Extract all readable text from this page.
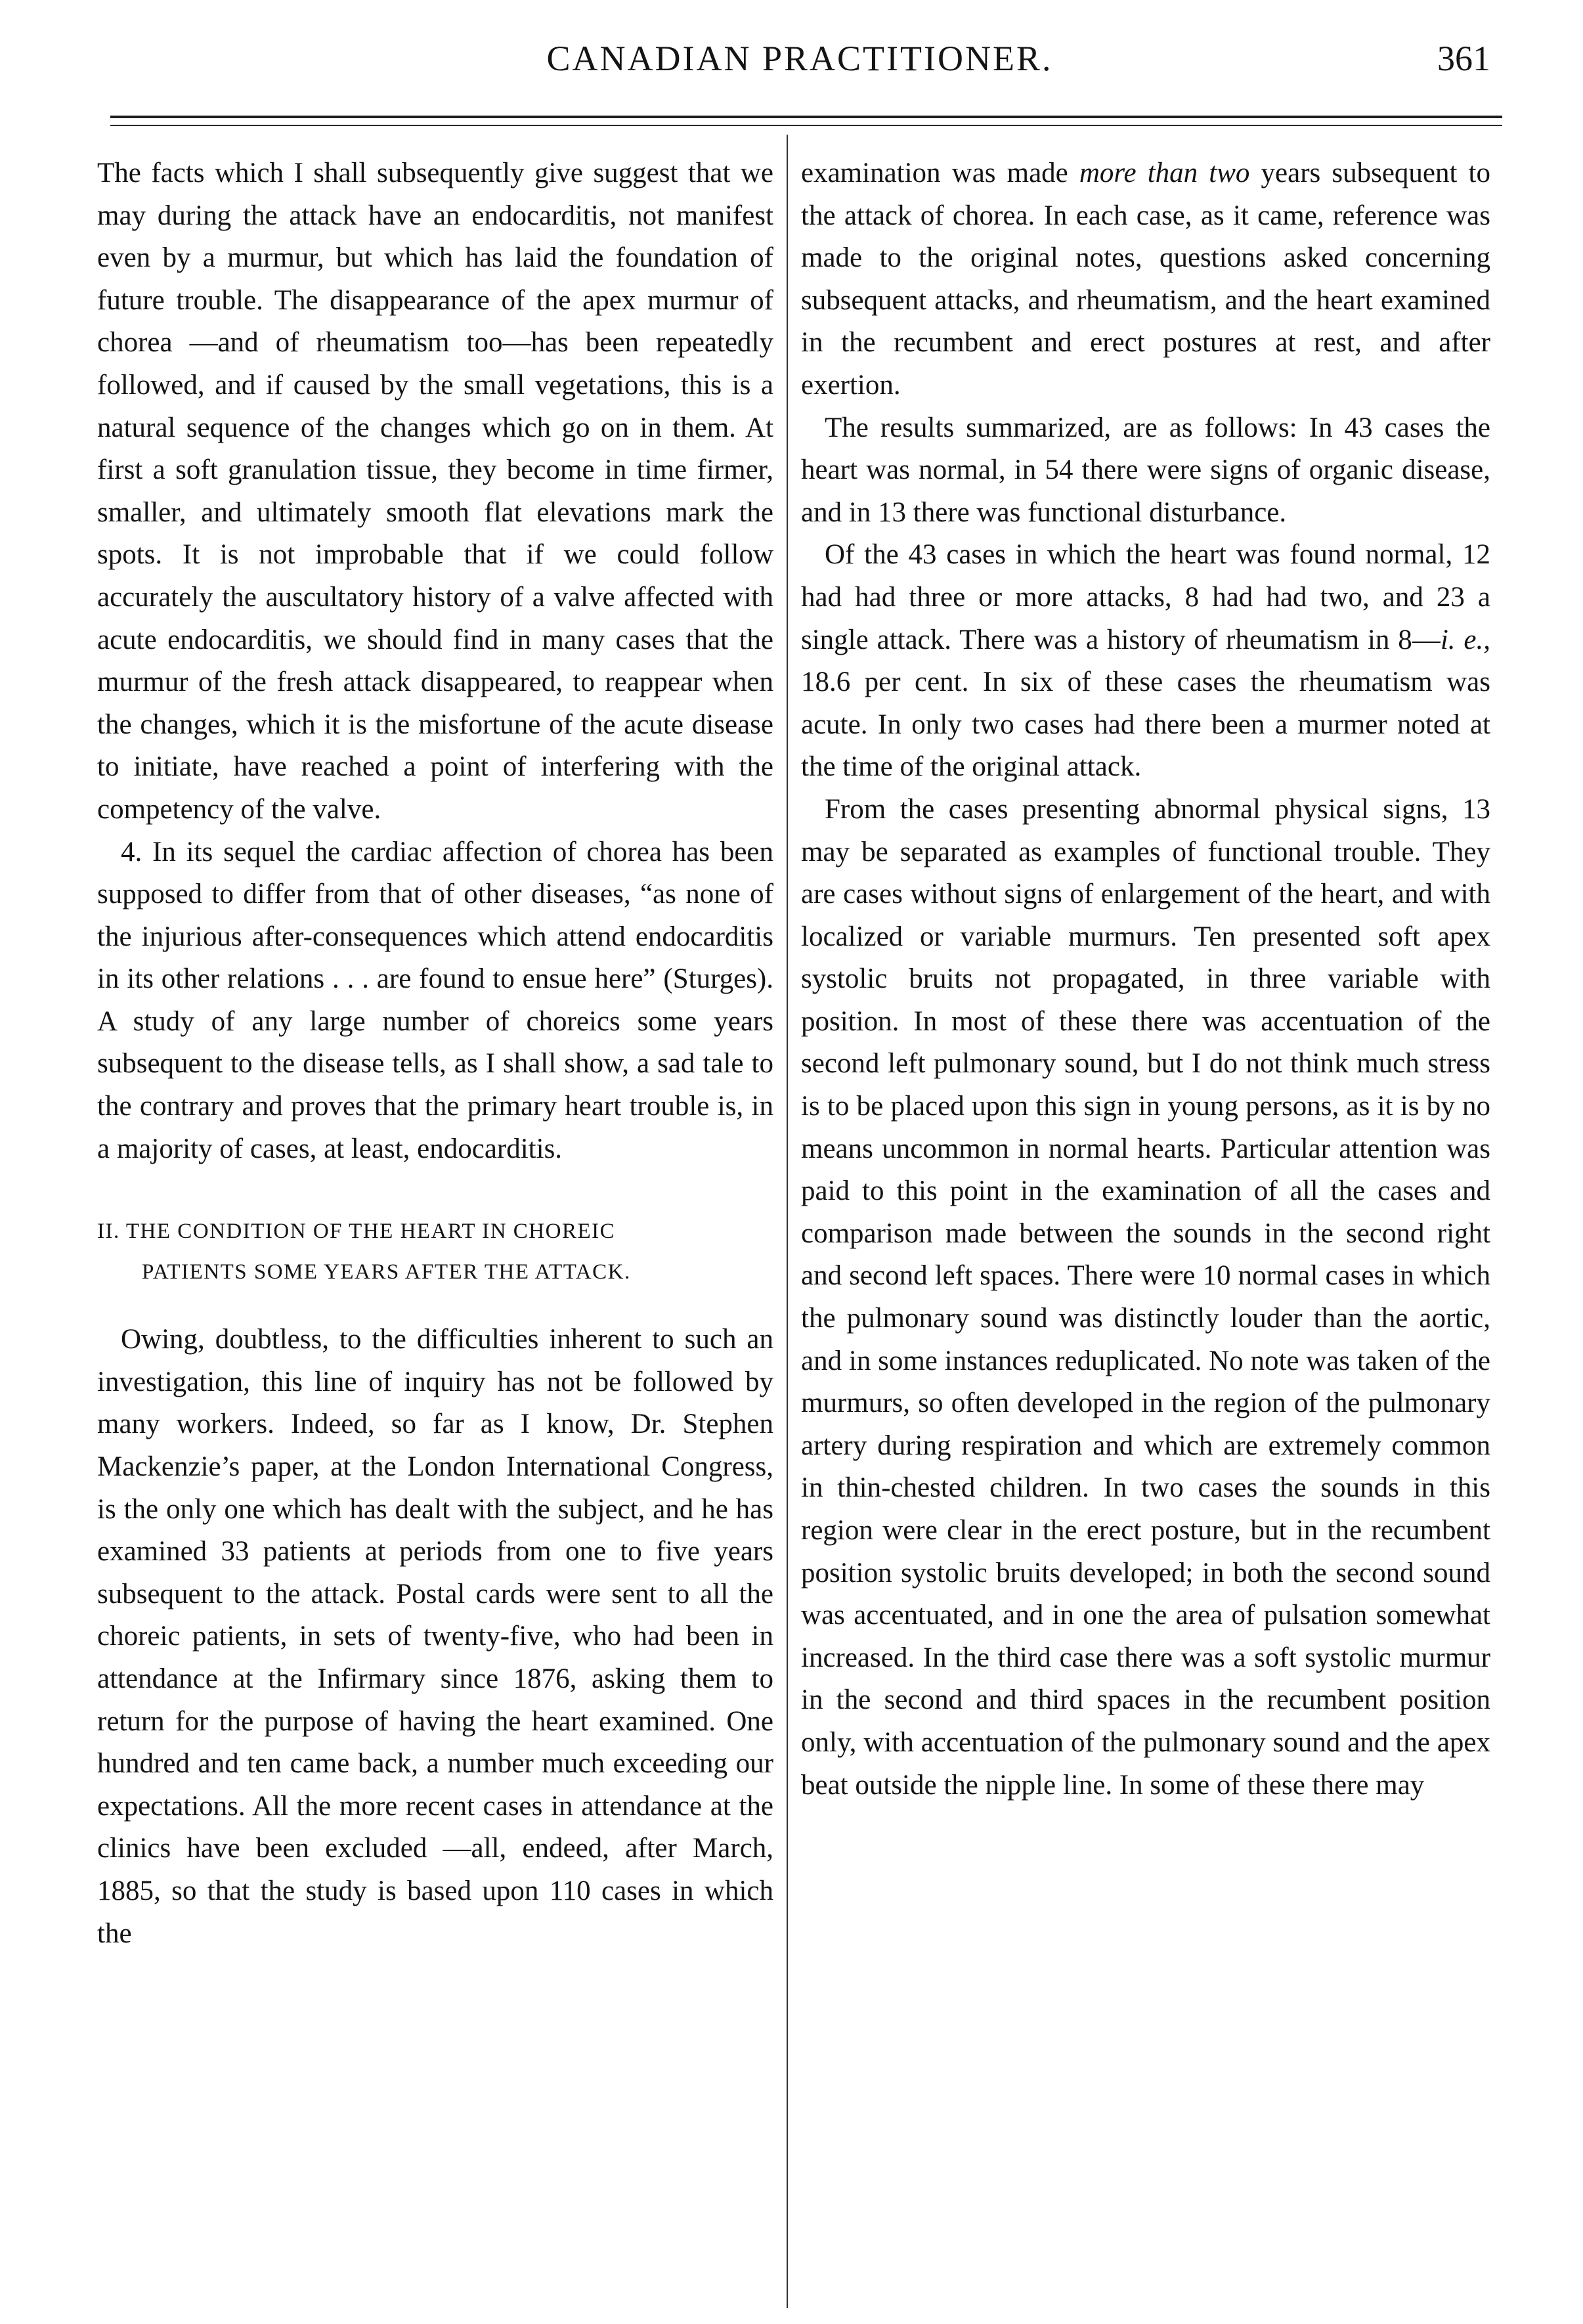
CANADIAN PRACTITIONER.	361

The facts which I shall subsequently give suggest that we may during the attack have an endocarditis, not manifest even by a murmur, but which has laid the foundation of future trouble. The disappearance of the apex murmur of chorea —and of rheumatism too—has been repeatedly followed, and if caused by the small vegetations, this is a natural sequence of the changes which go on in them. At first a soft granulation tissue, they become in time firmer, smaller, and ultimately smooth flat elevations mark the spots. It is not improbable that if we could follow accurately the auscultatory history of a valve affected with acute endocarditis, we should find in many cases that the murmur of the fresh attack disappeared, to reappear when the changes, which it is the misfortune of the acute disease to initiate, have reached a point of interfering with the competency of the valve.

4. In its sequel the cardiac affection of chorea has been supposed to differ from that of other diseases, “as none of the injurious after-consequences which attend endocarditis in its other relations . . . are found to ensue here” (Sturges). A study of any large number of choreics some years subsequent to the disease tells, as I shall show, a sad tale to the contrary and proves that the primary heart trouble is, in a majority of cases, at least, endocarditis.

II. THE CONDITION OF THE HEART IN CHOREIC
PATIENTS SOME YEARS AFTER THE ATTACK.

Owing, doubtless, to the difficulties inherent to such an investigation, this line of inquiry has not be followed by many workers. Indeed, so far as I know, Dr. Stephen Mackenzie’s paper, at the London International Congress, is the only one which has dealt with the subject, and he has examined 33 patients at periods from one to five years subsequent to the attack. Postal cards were sent to all the choreic patients, in sets of twenty-five, who had been in attendance at the Infirmary since 1876, asking them to return for the purpose of having the heart examined. One hundred and ten came back, a number much exceeding our expectations. All the more recent cases in attendance at the clinics have been excluded —all, endeed, after March, 1885, so that the study is based upon 110 cases in which the

examination was made more than two years subsequent to the attack of chorea. In each case, as it came, reference was made to the original notes, questions asked concerning subsequent attacks, and rheumatism, and the heart examined in the recumbent and erect postures at rest, and after exertion.

The results summarized, are as follows: In 43 cases the heart was normal, in 54 there were signs of organic disease, and in 13 there was functional disturbance.

Of the 43 cases in which the heart was found normal, 12 had had three or more attacks, 8 had had two, and 23 a single attack. There was a history of rheumatism in 8—i. e., 18.6 per cent. In six of these cases the rheumatism was acute. In only two cases had there been a murmer noted at the time of the original attack.

From the cases presenting abnormal physical signs, 13 may be separated as examples of functional trouble. They are cases without signs of enlargement of the heart, and with localized or variable murmurs. Ten presented soft apex systolic bruits not propagated, in three variable with position. In most of these there was accentuation of the second left pulmonary sound, but I do not think much stress is to be placed upon this sign in young persons, as it is by no means uncommon in normal hearts. Particular attention was paid to this point in the examination of all the cases and comparison made between the sounds in the second right and second left spaces. There were 10 normal cases in which the pulmonary sound was distinctly louder than the aortic, and in some instances reduplicated. No note was taken of the murmurs, so often developed in the region of the pulmonary artery during respiration and which are extremely common in thin-chested children. In two cases the sounds in this region were clear in the erect posture, but in the recumbent position systolic bruits developed; in both the second sound was accentuated, and in one the area of pulsation somewhat increased. In the third case there was a soft systolic murmur in the second and third spaces in the recumbent position only, with accentuation of the pulmonary sound and the apex beat outside the nipple line. In some of these there may
